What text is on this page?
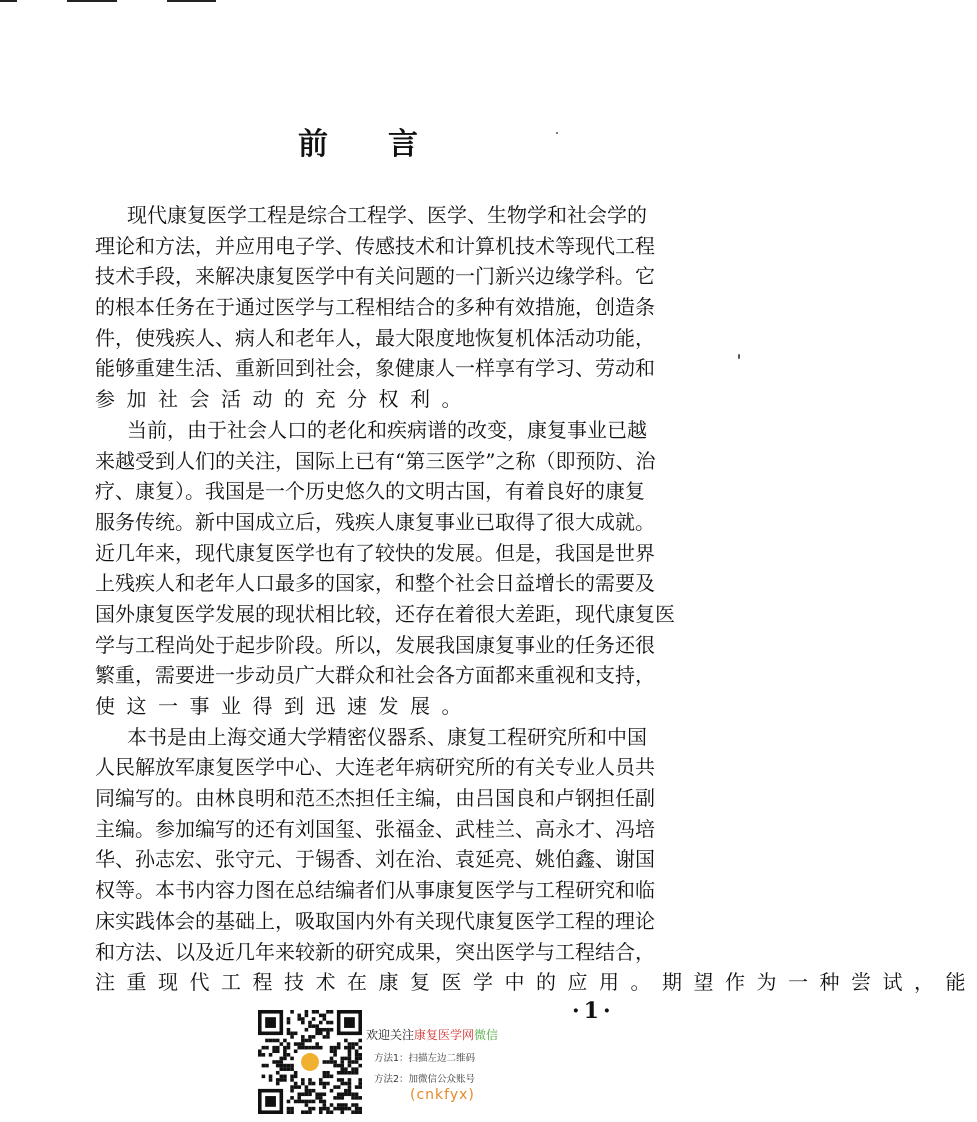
前 言
现代康复医学工程是综合工程学、医学、生物学和社会学的
理论和方法，并应用电子学、传感技术和计算机技术等现代工程
技术手段，来解决康复医学中有关问题的一门新兴边缘学科。它
的根本任务在于通过医学与工程相结合的多种有效措施，创造条
件，使残疾人、病人和老年人，最大限度地恢复机体活动功能，
能够重建生活、重新回到社会，象健康人一样享有学习、劳动和
参加社会活动的充分权利。
当前，由于社会人口的老化和疾病谱的改变，康复事业已越
来越受到人们的关注，国际上已有“第三医学”之称（即预防、治
疗、康复）。我国是一个历史悠久的文明古国，有着良好的康复
服务传统。新中国成立后，残疾人康复事业已取得了很大成就。
近几年来，现代康复医学也有了较快的发展。但是，我国是世界
上残疾人和老年人口最多的国家，和整个社会日益增长的需要及
国外康复医学发展的现状相比较，还存在着很大差距，现代康复医
学与工程尚处于起步阶段。所以，发展我国康复事业的任务还很
繁重，需要进一步动员广大群众和社会各方面都来重视和支持，
使这一事业得到迅速发展。
本书是由上海交通大学精密仪器系、康复工程研究所和中国
人民解放军康复医学中心、大连老年病研究所的有关专业人员共
同编写的。由林良明和范丕杰担任主编，由吕国良和卢钢担任副
主编。参加编写的还有刘国玺、张福金、武桂兰、高永才、冯培
华、孙志宏、张守元、于锡香、刘在治、袁延亮、姚伯鑫、谢国
权等。本书内容力图在总结编者们从事康复医学与工程研究和临
床实践体会的基础上，吸取国内外有关现代康复医学工程的理论
和方法、以及近几年来较新的研究成果，突出医学与工程结合，
注重现代工程技术在康复医学中的应用。期望作为一种尝试，能
·1·
欢迎关注康复医学网微信
方法1：扫描左边二维码
方法2：加微信公众账号
(cnkfyx)
